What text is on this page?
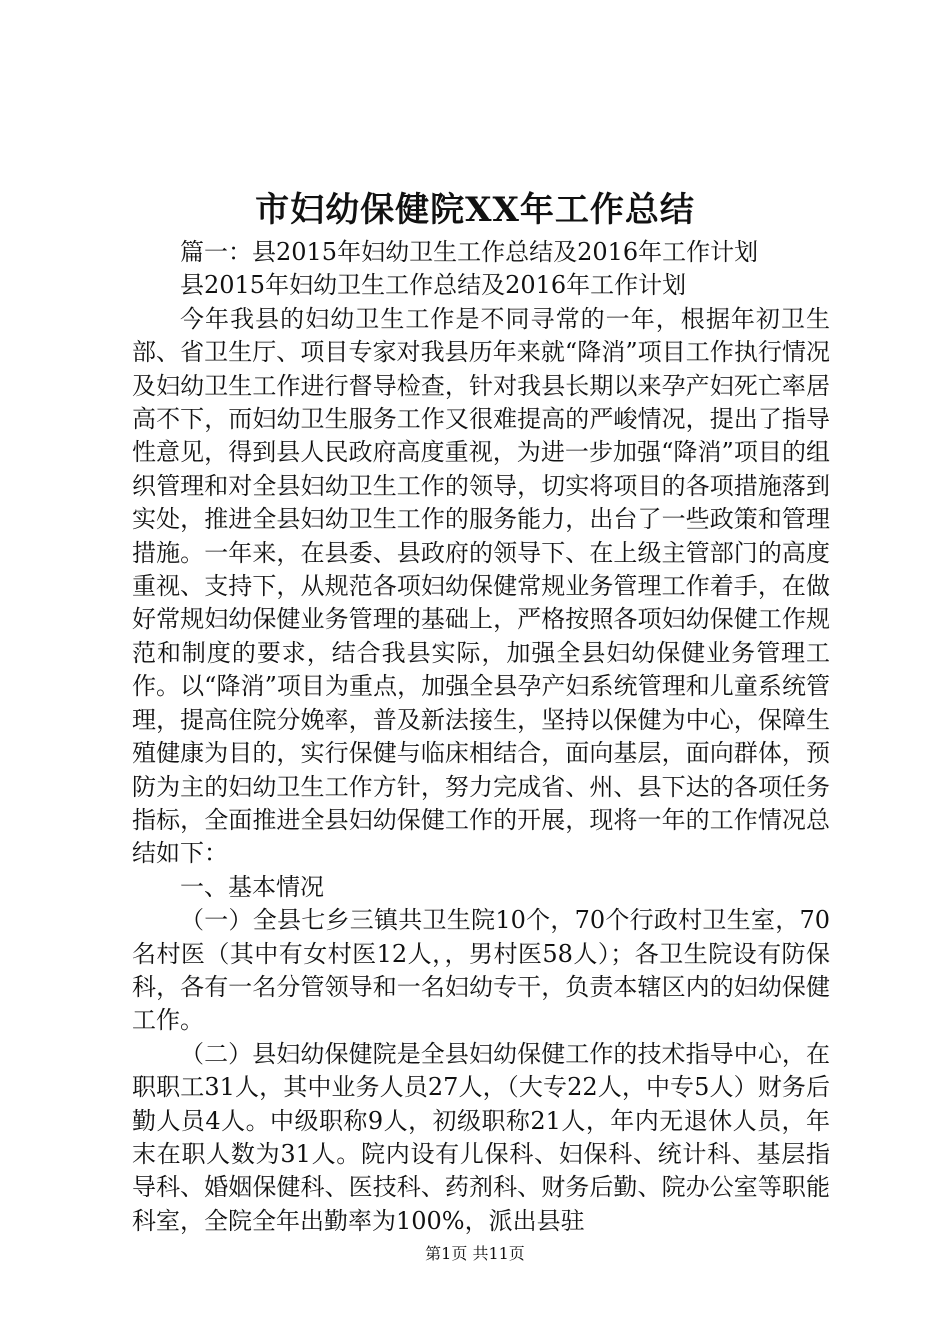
市妇幼保健院XX年工作总结

篇一：县2015年妇幼卫生工作总结及2016年工作计划

县2015年妇幼卫生工作总结及2016年工作计划

今年我县的妇幼卫生工作是不同寻常的一年，根据年初卫生部、省卫生厅、项目专家对我县历年来就“降消”项目工作执行情况及妇幼卫生工作进行督导检查，针对我县长期以来孕产妇死亡率居高不下，而妇幼卫生服务工作又很难提高的严峻情况，提出了指导性意见，得到县人民政府高度重视，为进一步加强“降消”项目的组织管理和对全县妇幼卫生工作的领导，切实将项目的各项措施落到实处，推进全县妇幼卫生工作的服务能力，出台了一些政策和管理措施。一年来，在县委、县政府的领导下、在上级主管部门的高度重视、支持下，从规范各项妇幼保健常规业务管理工作着手，在做好常规妇幼保健业务管理的基础上，严格按照各项妇幼保健工作规范和制度的要求，结合我县实际，加强全县妇幼保健业务管理工作。以“降消”项目为重点，加强全县孕产妇系统管理和儿童系统管理，提高住院分娩率，普及新法接生，坚持以保健为中心，保障生殖健康为目的，实行保健与临床相结合，面向基层，面向群体，预防为主的妇幼卫生工作方针，努力完成省、州、县下达的各项任务指标，全面推进全县妇幼保健工作的开展，现将一年的工作情况总结如下：

一、基本情况

（一）全县七乡三镇共卫生院10个，70个行政村卫生室，70名村医（其中有女村医12人，，男村医58人）；各卫生院设有防保科，各有一名分管领导和一名妇幼专干，负责本辖区内的妇幼保健工作。

（二）县妇幼保健院是全县妇幼保健工作的技术指导中心，在职职工31人，其中业务人员27人，（大专22人，中专5人）财务后勤人员4人。中级职称9人，初级职称21人，年内无退休人员，年末在职人数为31人。院内设有儿保科、妇保科、统计科、基层指导科、婚姻保健科、医技科、药剂科、财务后勤、院办公室等职能科室，全院全年出勤率为100%，派出县驻

第1页 共11页
